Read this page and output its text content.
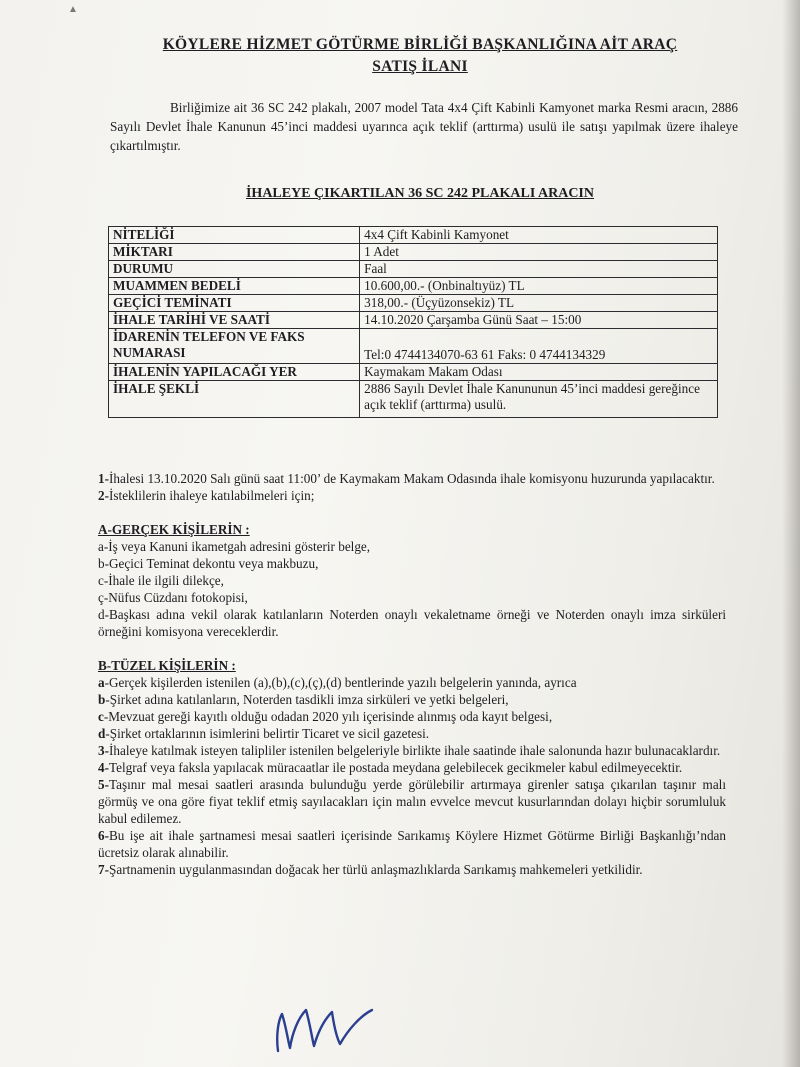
▲
KÖYLERE HİZMET GÖTÜRME BİRLİĞİ BAŞKANLIĞINA AİT ARAÇ
SATIŞ İLANI
Birliğimize ait 36 SC 242 plakalı, 2007 model Tata 4x4 Çift Kabinli Kamyonet marka Resmi aracın, 2886 Sayılı Devlet İhale Kanunun 45’inci maddesi uyarınca açık teklif (arttırma) usulü ile satışı yapılmak üzere ihaleye çıkartılmıştır.
İHALEYE ÇIKARTILAN 36 SC 242 PLAKALI ARACIN
NİTELİĞİ	4x4 Çift Kabinli Kamyonet
MİKTARI	1 Adet
DURUMU	Faal
MUAMMEN BEDELİ	10.600,00.- (Onbinaltıyüz) TL
GEÇİCİ TEMİNATI	318,00.- (Üçyüzonsekiz) TL
İHALE TARİHİ VE SAATİ	14.10.2020 Çarşamba Günü Saat – 15:00
İDARENİN TELEFON VE FAKS NUMARASI	Tel:0 4744134070-63 61 Faks: 0 4744134329
İHALENİN YAPILACAĞI YER	Kaymakam Makam Odası
İHALE ŞEKLİ	2886 Sayılı Devlet İhale Kanununun 45’inci maddesi gereğince açık teklif (arttırma) usulü.

1-İhalesi 13.10.2020 Salı günü saat 11:00’ de Kaymakam Makam Odasında ihale komisyonu huzurunda yapılacaktır.

2-İsteklilerin ihaleye katılabilmeleri için;

A-GERÇEK KİŞİLERİN :

a-İş veya Kanuni ikametgah adresini gösterir belge,

b-Geçici Teminat dekontu veya makbuzu,

c-İhale ile ilgili dilekçe,

ç-Nüfus Cüzdanı fotokopisi,

d-Başkası adına vekil olarak katılanların Noterden onaylı vekaletname örneği ve Noterden onaylı imza sirküleri örneğini komisyona vereceklerdir.

B-TÜZEL KİŞİLERİN :

a-Gerçek kişilerden istenilen (a),(b),(c),(ç),(d) bentlerinde yazılı belgelerin yanında, ayrıca

b-Şirket adına katılanların, Noterden tasdikli imza sirküleri ve yetki belgeleri,

c-Mevzuat gereği kayıtlı olduğu odadan 2020 yılı içerisinde alınmış oda kayıt belgesi,

d-Şirket ortaklarının isimlerini belirtir Ticaret ve sicil gazetesi.

3-İhaleye katılmak isteyen talipliler istenilen belgeleriyle birlikte ihale saatinde ihale salonunda hazır bulunacaklardır.

4-Telgraf veya faksla yapılacak müracaatlar ile postada meydana gelebilecek gecikmeler kabul edilmeyecektir.

5-Taşınır mal mesai saatleri arasında bulunduğu yerde görülebilir artırmaya girenler satışa çıkarılan taşınır malı görmüş ve ona göre fiyat teklif etmiş sayılacakları için malın evvelce mevcut kusurlarından dolayı hiçbir sorumluluk kabul edilemez.

6-Bu işe ait ihale şartnamesi mesai saatleri içerisinde Sarıkamış Köylere Hizmet Götürme Birliği Başkanlığı’ndan ücretsiz olarak alınabilir.

7-Şartnamenin uygulanmasından doğacak her türlü anlaşmazlıklarda Sarıkamış mahkemeleri yetkilidir.
